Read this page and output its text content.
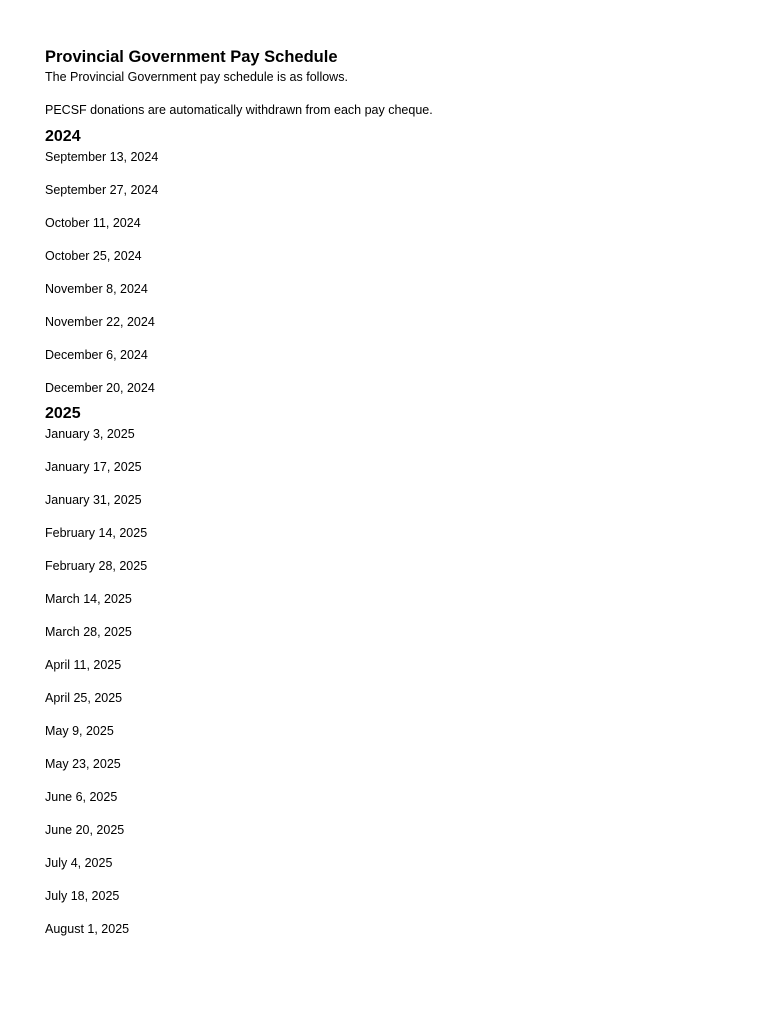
Provincial Government Pay Schedule

The Provincial Government pay schedule is as follows.

PECSF donations are automatically withdrawn from each pay cheque.

2024
September 13, 2024
September 27, 2024
October 11, 2024
October 25, 2024
November 8, 2024
November 22, 2024
December 6, 2024
December 20, 2024
2025
January 3, 2025
January 17, 2025
January 31, 2025
February 14, 2025
February 28, 2025
March 14, 2025
March 28, 2025
April 11, 2025
April 25, 2025
May 9, 2025
May 23, 2025
June 6, 2025
June 20, 2025
July 4, 2025
July 18, 2025
August 1, 2025
